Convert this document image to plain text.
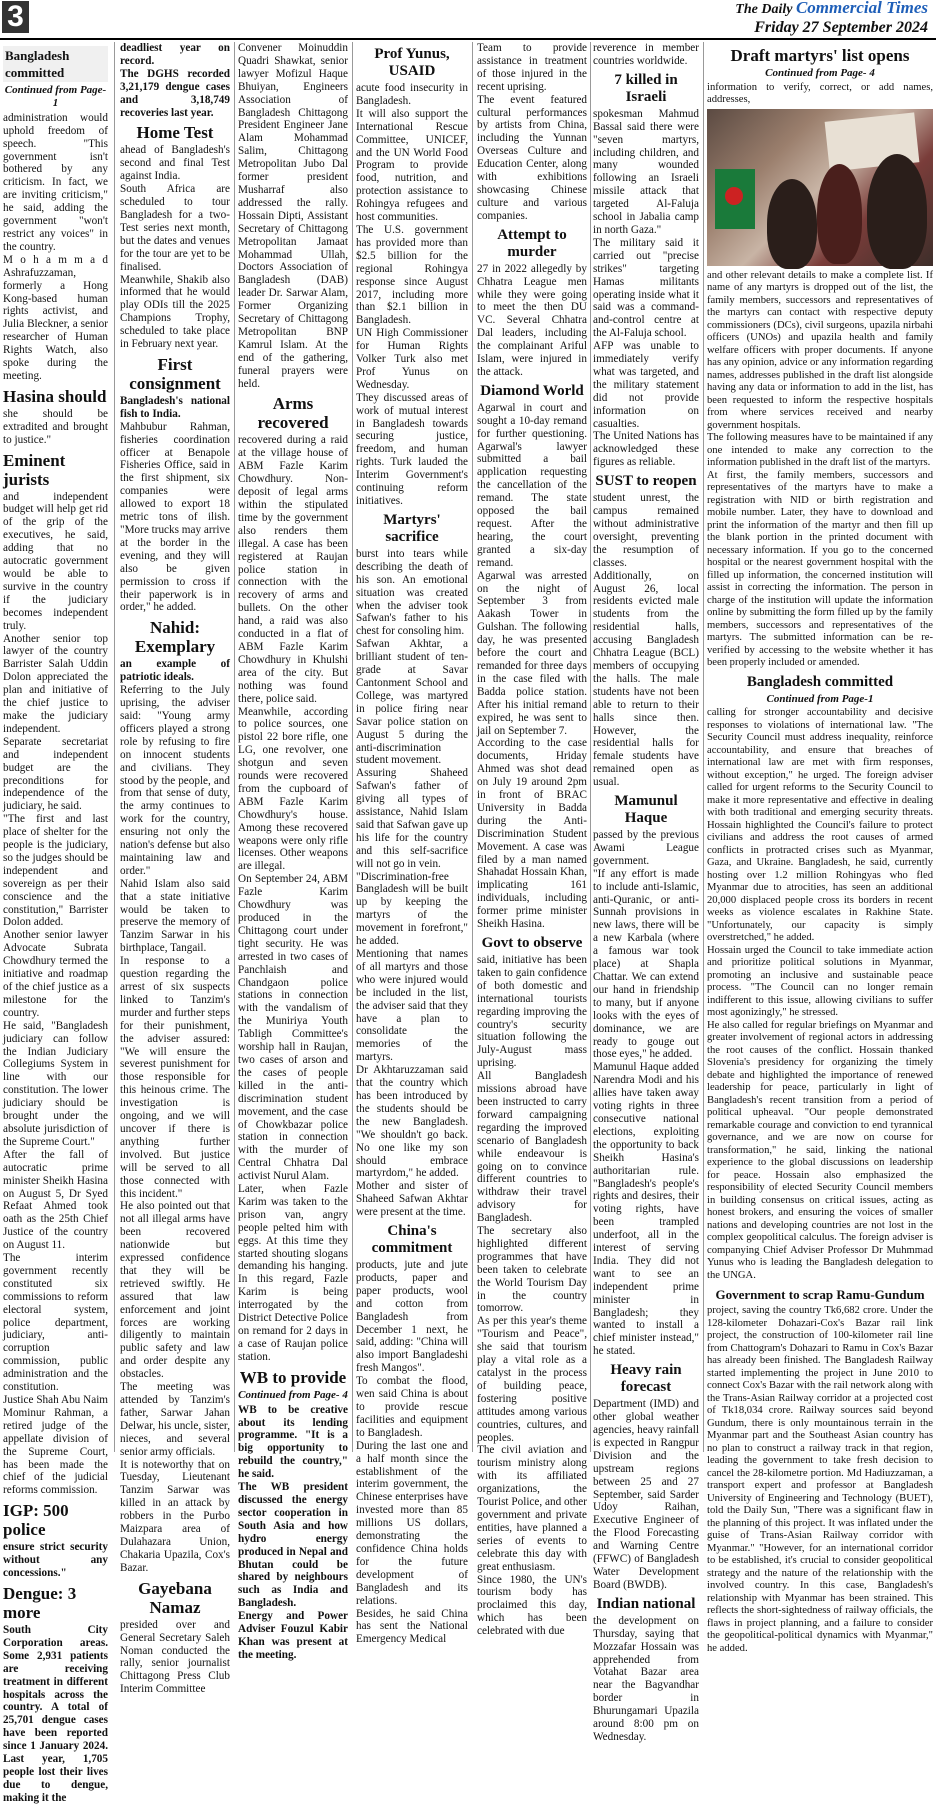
3	The Daily Commercial Times
Friday 27 September 2024
Bangladesh committed
Continued from Page-1

administration would uphold freedom of speech. "This government isn't bothered by any criticism. In fact, we are inviting criticism," he said, adding the government "won't restrict any voices" in the country.

M o h a m m a d Ashrafuzzaman, formerly a Hong Kong-based human rights activist, and Julia Bleckner, a senior researcher of Human Rights Watch, also spoke during the meeting.

Hasina should

she should be extradited and brought to justice."

Eminent jurists

and independent budget will help get rid of the grip of the executives, he said, adding that no autocratic government would be able to survive in the country if the judiciary becomes independent truly.

Another senior top lawyer of the country Barrister Salah Uddin Dolon appreciated the plan and initiative of the chief justice to make the judiciary independent.

Separate secretariat and independent budget are the preconditions for independence of the judiciary, he said.

"The first and last place of shelter for the people is the judiciary, so the judges should be independent and sovereign as per their conscience and the constitution," Barrister Dolon added.

Another senior lawyer Advocate Subrata Chowdhury termed the initiative and roadmap of the chief justice as a milestone for the country.

He said, "Bangladesh judiciary can follow the Indian Judiciary Collegiums System in line with our constitution. The lower judiciary should be brought under the absolute jurisdiction of the Supreme Court."

After the fall of autocratic prime minister Sheikh Hasina on August 5, Dr Syed Refaat Ahmed took oath as the 25th Chief Justice of the country on August 11.

The interim government recently constituted six commissions to reform electoral system, police department, judiciary, anti-corruption commission, public administration and the constitution.

Justice Shah Abu Naim Mominur Rahman, a retired judge of the appellate division of the Supreme Court, has been made the chief of the judicial reforms commission.

IGP: 500 police

ensure strict security without any concessions."

Dengue: 3 more

South City Corporation areas. Some 2,931 patients are receiving treatment in different hospitals across the country. A total of 25,701 dengue cases have been reported since 1 January 2024. Last year, 1,705 people lost their lives due to dengue, making it the

deadliest year on record.

The DGHS recorded 3,21,179 dengue cases and 3,18,749 recoveries last year.

Home Test

ahead of Bangladesh's second and final Test against India.

South Africa are scheduled to tour Bangladesh for a two-Test series next month, but the dates and venues for the tour are yet to be finalised.

Meanwhile, Shakib also informed that he would play ODIs till the 2025 Champions Trophy, scheduled to take place in February next year.

First consignment

Bangladesh's national fish to India.

Mahbubur Rahman, fisheries coordination officer at Benapole Fisheries Office, said in the first shipment, six companies were allowed to export 18 metric tons of ilish. "More trucks may arrive at the border in the evening, and they will also be given permission to cross if their paperwork is in order," he added.

Nahid: Exemplary

an example of patriotic ideals.

Referring to the July uprising, the adviser said: "Young army officers played a strong role by refusing to fire on innocent students and civilians. They stood by the people, and from that sense of duty, the army continues to work for the country, ensuring not only the nation's defense but also maintaining law and order."

Nahid Islam also said that a state initiative would be taken to preserve the memory of Tanzim Sarwar in his birthplace, Tangail.

In response to a question regarding the arrest of six suspects linked to Tanzim's murder and further steps for their punishment, the adviser assured: "We will ensure the severest punishment for those responsible for this heinous crime. The investigation is ongoing, and we will uncover if there is anything further involved. But justice will be served to all those connected with this incident."

He also pointed out that not all illegal arms have been recovered nationwide but expressed confidence that they will be retrieved swiftly. He assured that law enforcement and joint forces are working diligently to maintain public safety and law and order despite any obstacles.

The meeting was attended by Tanzim's father, Sarwar Jahan Delwar, his uncle, sister, nieces, and several senior army officials.

It is noteworthy that on Tuesday, Lieutenant Tanzim Sarwar was killed in an attack by robbers in the Purbo Maizpara area of Dulahazara Union, Chakaria Upazila, Cox's Bazar.

Gayebana Namaz

presided over and General Secretary Saleh Noman conducted the rally, senior journalist Chittagong Press Club Interim Committee

Convener Moinuddin Quadri Shawkat, senior lawyer Mofizul Haque Bhuiyan, Engineers Association of Bangladesh Chittagong President Engineer Jane Alam Mohammad Salim, Chittagong Metropolitan Jubo Dal former president Musharraf also addressed the rally. Hossain Dipti, Assistant Secretary of Chittagong Metropolitan Jamaat Mohammad Ullah, Doctors Association of Bangladesh (DAB) leader Dr. Sarwar Alam, Former Organizing Secretary of Chittagong Metropolitan BNP Kamrul Islam. At the end of the gathering, funeral prayers were held.

Arms recovered

recovered during a raid at the village house of ABM Fazle Karim Chowdhury. Non-deposit of legal arms within the stipulated time by the government also renders them illegal. A case has been registered at Raujan police station in connection with the recovery of arms and bullets. On the other hand, a raid was also conducted in a flat of ABM Fazle Karim Chowdhury in Khulshi area of the city. But nothing was found there, police said.

Meanwhile, according to police sources, one pistol 22 bore rifle, one LG, one revolver, one shotgun and seven rounds were recovered from the cupboard of ABM Fazle Karim Chowdhury's house. Among these recovered weapons were only rifle licenses. Other weapons are illegal.

On September 24, ABM Fazle Karim Chowdhury was produced in the Chittagong court under tight security. He was arrested in two cases of Panchlaish and Chandgaon police stations in connection with the vandalism of the Muniriya Youth Tabligh Committee's worship hall in Raujan, two cases of arson and the cases of people killed in the anti-discrimination student movement, and the case of Chowkbazar police station in connection with the murder of Central Chhatra Dal activist Nurul Alam.

Later, when Fazle Karim was taken to the prison van, angry people pelted him with eggs. At this time they started shouting slogans demanding his hanging. In this regard, Fazle Karim is being interrogated by the District Detective Police on remand for 2 days in a case of Raujan police station.

WB to provide
Continued from Page- 4

WB to be creative about its lending programme. "It is a big opportunity to rebuild the country," he said.

The WB president discussed the energy sector cooperation in South Asia and how hydro energy produced in Nepal and Bhutan could be shared by neighbours such as India and Bangladesh.

Energy and Power Adviser Fouzul Kabir Khan was present at the meeting.

Prof Yunus, USAID

acute food insecurity in Bangladesh.

It will also support the International Rescue Committee, UNICEF, and the UN World Food Program to provide food, nutrition, and protection assistance to Rohingya refugees and host communities.

The U.S. government has provided more than $2.5 billion for the regional Rohingya response since August 2017, including more than $2.1 billion in Bangladesh.

UN High Commissioner for Human Rights Volker Turk also met Prof Yunus on Wednesday.

They discussed areas of work of mutual interest in Bangladesh towards securing justice, freedom, and human rights. Turk lauded the Interim Government's continuing reform initiatives.

Martyrs' sacrifice

burst into tears while describing the death of his son. An emotional situation was created when the adviser took Safwan's father to his chest for consoling him.

Safwan Akhtar, a brilliant student of ten-grade at Savar Cantonment School and College, was martyred in police firing near Savar police station on August 5 during the anti-discrimination student movement.

Assuring Shaheed Safwan's father of giving all types of assistance, Nahid Islam said that Safwan gave up his life for the country and this self-sacrifice will not go in vein.

"Discrimination-free Bangladesh will be built up by keeping the martyrs of the movement in forefront," he added.

Mentioning that names of all martyrs and those who were injured would be included in the list, the adviser said that they have a plan to consolidate the memories of the martyrs.

Dr Akhtaruzzaman said that the country which has been introduced by the students should be the new Bangladesh. "We shouldn't go back. No one like my son should embrace martyrdom," he added.

Mother and sister of Shaheed Safwan Akhtar were present at the time.

China's commitment

products, jute and jute products, paper and paper products, wool and cotton from Bangladesh from December 1 next, he said, adding: "China will also import Bangladeshi fresh Mangos".

To combat the flood, wen said China is about to provide rescue facilities and equipment to Bangladesh.

During the last one and a half month since the establishment of the interim government, the Chinese enterprises have invested more than 85 millions US dollars, demonstrating the confidence China holds for the future development of Bangladesh and its relations.

Besides, he said China has sent the National Emergency Medical

Team to provide assistance in treatment of those injured in the recent uprising.

The event featured cultural performances by artists from China, including the Yunnan Overseas Culture and Education Center, along with exhibitions showcasing Chinese culture and various companies.

Attempt to murder

27 in 2022 allegedly by Chhatra League men while they were going to meet the then DU VC. Several Chhatra Dal leaders, including the complainant Ariful Islam, were injured in the attack.

Diamond World

Agarwal in court and sought a 10-day remand for further questioning. Agarwal's lawyer submitted a bail application requesting the cancellation of the remand. The state opposed the bail request. After the hearing, the court granted a six-day remand.

Agarwal was arrested on the night of September 3 from Aakash Tower in Gulshan. The following day, he was presented before the court and remanded for three days in the case filed with Badda police station. After his initial remand expired, he was sent to jail on September 7.

According to the case documents, Hriday Ahmed was shot dead on July 19 around 2pm in front of BRAC University in Badda during the Anti-Discrimination Student Movement. A case was filed by a man named Shahadat Hossain Khan, implicating 161 individuals, including former prime minister Sheikh Hasina.

Govt to observe

said, initiative has been taken to gain confidence of both domestic and international tourists regarding improving the country's security situation following the July-August mass uprising.

All Bangladesh missions abroad have been instructed to carry forward campaigning regarding the improved scenario of Bangladesh while endeavour is going on to convince different countries to withdraw their travel advisory for Bangladesh.

The secretary also highlighted different programmes that have been taken to celebrate the World Tourism Day in the country tomorrow.

As per this year's theme "Tourism and Peace", she said that tourism play a vital role as a catalyst in the process of building peace, fostering positive attitudes among various countries, cultures, and peoples.

The civil aviation and tourism ministry along with its affiliated organizations, the Tourist Police, and other government and private entities, have planned a series of events to celebrate this day with great enthusiasm.

Since 1980, the UN's tourism body has proclaimed this day, which has been celebrated with due

reverence in member countries worldwide.

7 killed in Israeli

spokesman Mahmud Bassal said there were "seven martyrs, including children, and many wounded following an Israeli missile attack that targeted Al-Faluja school in Jabalia camp in north Gaza."

The military said it carried out "precise strikes" targeting Hamas militants operating inside what it said was a command-and-control centre at the Al-Faluja school.

AFP was unable to immediately verify what was targeted, and the military statement did not provide information on casualties.

The United Nations has acknowledged these figures as reliable.

SUST to reopen

student unrest, the campus remained without administrative oversight, preventing the resumption of classes.

Additionally, on August 26, local residents evicted male students from the residential halls, accusing Bangladesh Chhatra League (BCL) members of occupying the halls. The male students have not been able to return to their halls since then. However, the residential halls for female students have remained open as usual.

Mamunul Haque

passed by the previous Awami League government.

"If any effort is made to include anti-Islamic, anti-Quranic, or anti-Sunnah provisions in new laws, there will be a new Karbala (where a famous war took place) at Shapla Chattar. We can extend our hand in friendship to many, but if anyone looks with the eyes of dominance, we are ready to gouge out those eyes," he added.

Mamunul Haque added Narendra Modi and his allies have taken away voting rights in three consecutive national elections, exploiting the opportunity to back Sheikh Hasina's authoritarian rule. "Bangladesh's people's rights and desires, their voting rights, have been trampled underfoot, all in the interest of serving India. They did not want to see an independent prime minister in Bangladesh; they wanted to install a chief minister instead," he stated.

Heavy rain forecast

Department (IMD) and other global weather agencies, heavy rainfall is expected in Rangpur Division and the upstream regions between 25 and 27 September, said Sarder Udoy Raihan, Executive Engineer of the Flood Forecasting and Warning Centre (FFWC) of Bangladesh Water Development Board (BWDB).

Indian national

the development on Thursday, saying that Mozzafar Hossain was apprehended from Votahat Bazar area near the Bagvandhar border in Bhurungamari Upazila around 8:00 pm on Wednesday.

Draft martyrs' list opens
Continued from Page- 4

information to verify, correct, or add names, addresses,

and other relevant details to make a complete list. If name of any martyrs is dropped out of the list, the family members, successors and representatives of the martyrs can contact with respective deputy commissioners (DCs), civil surgeons, upazila nirbahi officers (UNOs) and upazila health and family welfare officers with proper documents. If anyone has any opinion, advice or any information regarding names, addresses published in the draft list alongside having any data or information to add in the list, has been requested to inform the respective hospitals from where services received and nearby government hospitals.

The following measures have to be maintained if any one intended to make any correction to the information published in the draft list of the martyrs.

At first, the family members, successors and representatives of the martyrs have to make a registration with NID or birth registration and mobile number. Later, they have to download and print the information of the martyr and then fill up the blank portion in the printed document with necessary information. If you go to the concerned hospital or the nearest government hospital with the filled up information, the concerned institution will assist in correcting the information. The person in charge of the institution will update the information online by submitting the form filled up by the family members, successors and representatives of the martyrs. The submitted information can be re-verified by accessing to the website whether it has been properly included or amended.

Bangladesh committed
Continued from Page-1

calling for stronger accountability and decisive responses to violations of international law. "The Security Council must address inequality, reinforce accountability, and ensure that breaches of international law are met with firm responses, without exception," he urged. The foreign adviser called for urgent reforms to the Security Council to make it more representative and effective in dealing with both traditional and emerging security threats. Hossain highlighted the Council's failure to protect civilians and address the root causes of armed conflicts in protracted crises such as Myanmar, Gaza, and Ukraine. Bangladesh, he said, currently hosting over 1.2 million Rohingyas who fled Myanmar due to atrocities, has seen an additional 20,000 displaced people cross its borders in recent weeks as violence escalates in Rakhine State. "Unfortunately, our capacity is simply overstretched," he added.

Hossain urged the Council to take immediate action and prioritize political solutions in Myanmar, promoting an inclusive and sustainable peace process. "The Council can no longer remain indifferent to this issue, allowing civilians to suffer most agonizingly," he stressed.

He also called for regular briefings on Myanmar and greater involvement of regional actors in addressing the root causes of the conflict. Hossain thanked Slovenia's presidency for organizing the timely debate and highlighted the importance of renewed leadership for peace, particularly in light of Bangladesh's recent transition from a period of political upheaval. "Our people demonstrated remarkable courage and conviction to end tyrannical governance, and we are now on course for transformation," he said, linking the national experience to the global discussions on leadership for peace. Hossain also emphasized the responsibility of elected Security Council members in building consensus on critical issues, acting as honest brokers, and ensuring the voices of smaller nations and developing countries are not lost in the complex geopolitical calculus. The foreign adviser is companying Chief Adviser Professor Dr Muhmmad Yunus who is leading the Bangladesh delegation to the UNGA.

Government to scrap Ramu-Gundum

project, saving the country Tk6,682 crore. Under the 128-kilometer Dohazari-Cox's Bazar rail link project, the construction of 100-kilometer rail line from Chattogram's Dohazari to Ramu in Cox's Bazar has already been finished. The Bangladesh Railway started implementing the project in June 2010 to connect Cox's Bazar with the rail network along with the Trans-Asian Railway corridor at a projected cost of Tk18,034 crore. Railway sources said beyond Gundum, there is only mountainous terrain in the Myanmar part and the Southeast Asian country has no plan to construct a railway track in that region, leading the government to take fresh decision to cancel the 28-kilometre portion. Md Hadiuzzaman, a transport expert and professor at Bangladesh University of Engineering and Technology (BUET), told the Daily Sun, "There was a significant flaw in the planning of this project. It was inflated under the guise of Trans-Asian Railway corridor with Myanmar." "However, for an international corridor to be established, it's crucial to consider geopolitical strategy and the nature of the relationship with the involved country. In this case, Bangladesh's relationship with Myanmar has been strained. This reflects the short-sightedness of railway officials, the flaws in project planning, and a failure to consider the geopolitical-political dynamics with Myanmar," he added.
